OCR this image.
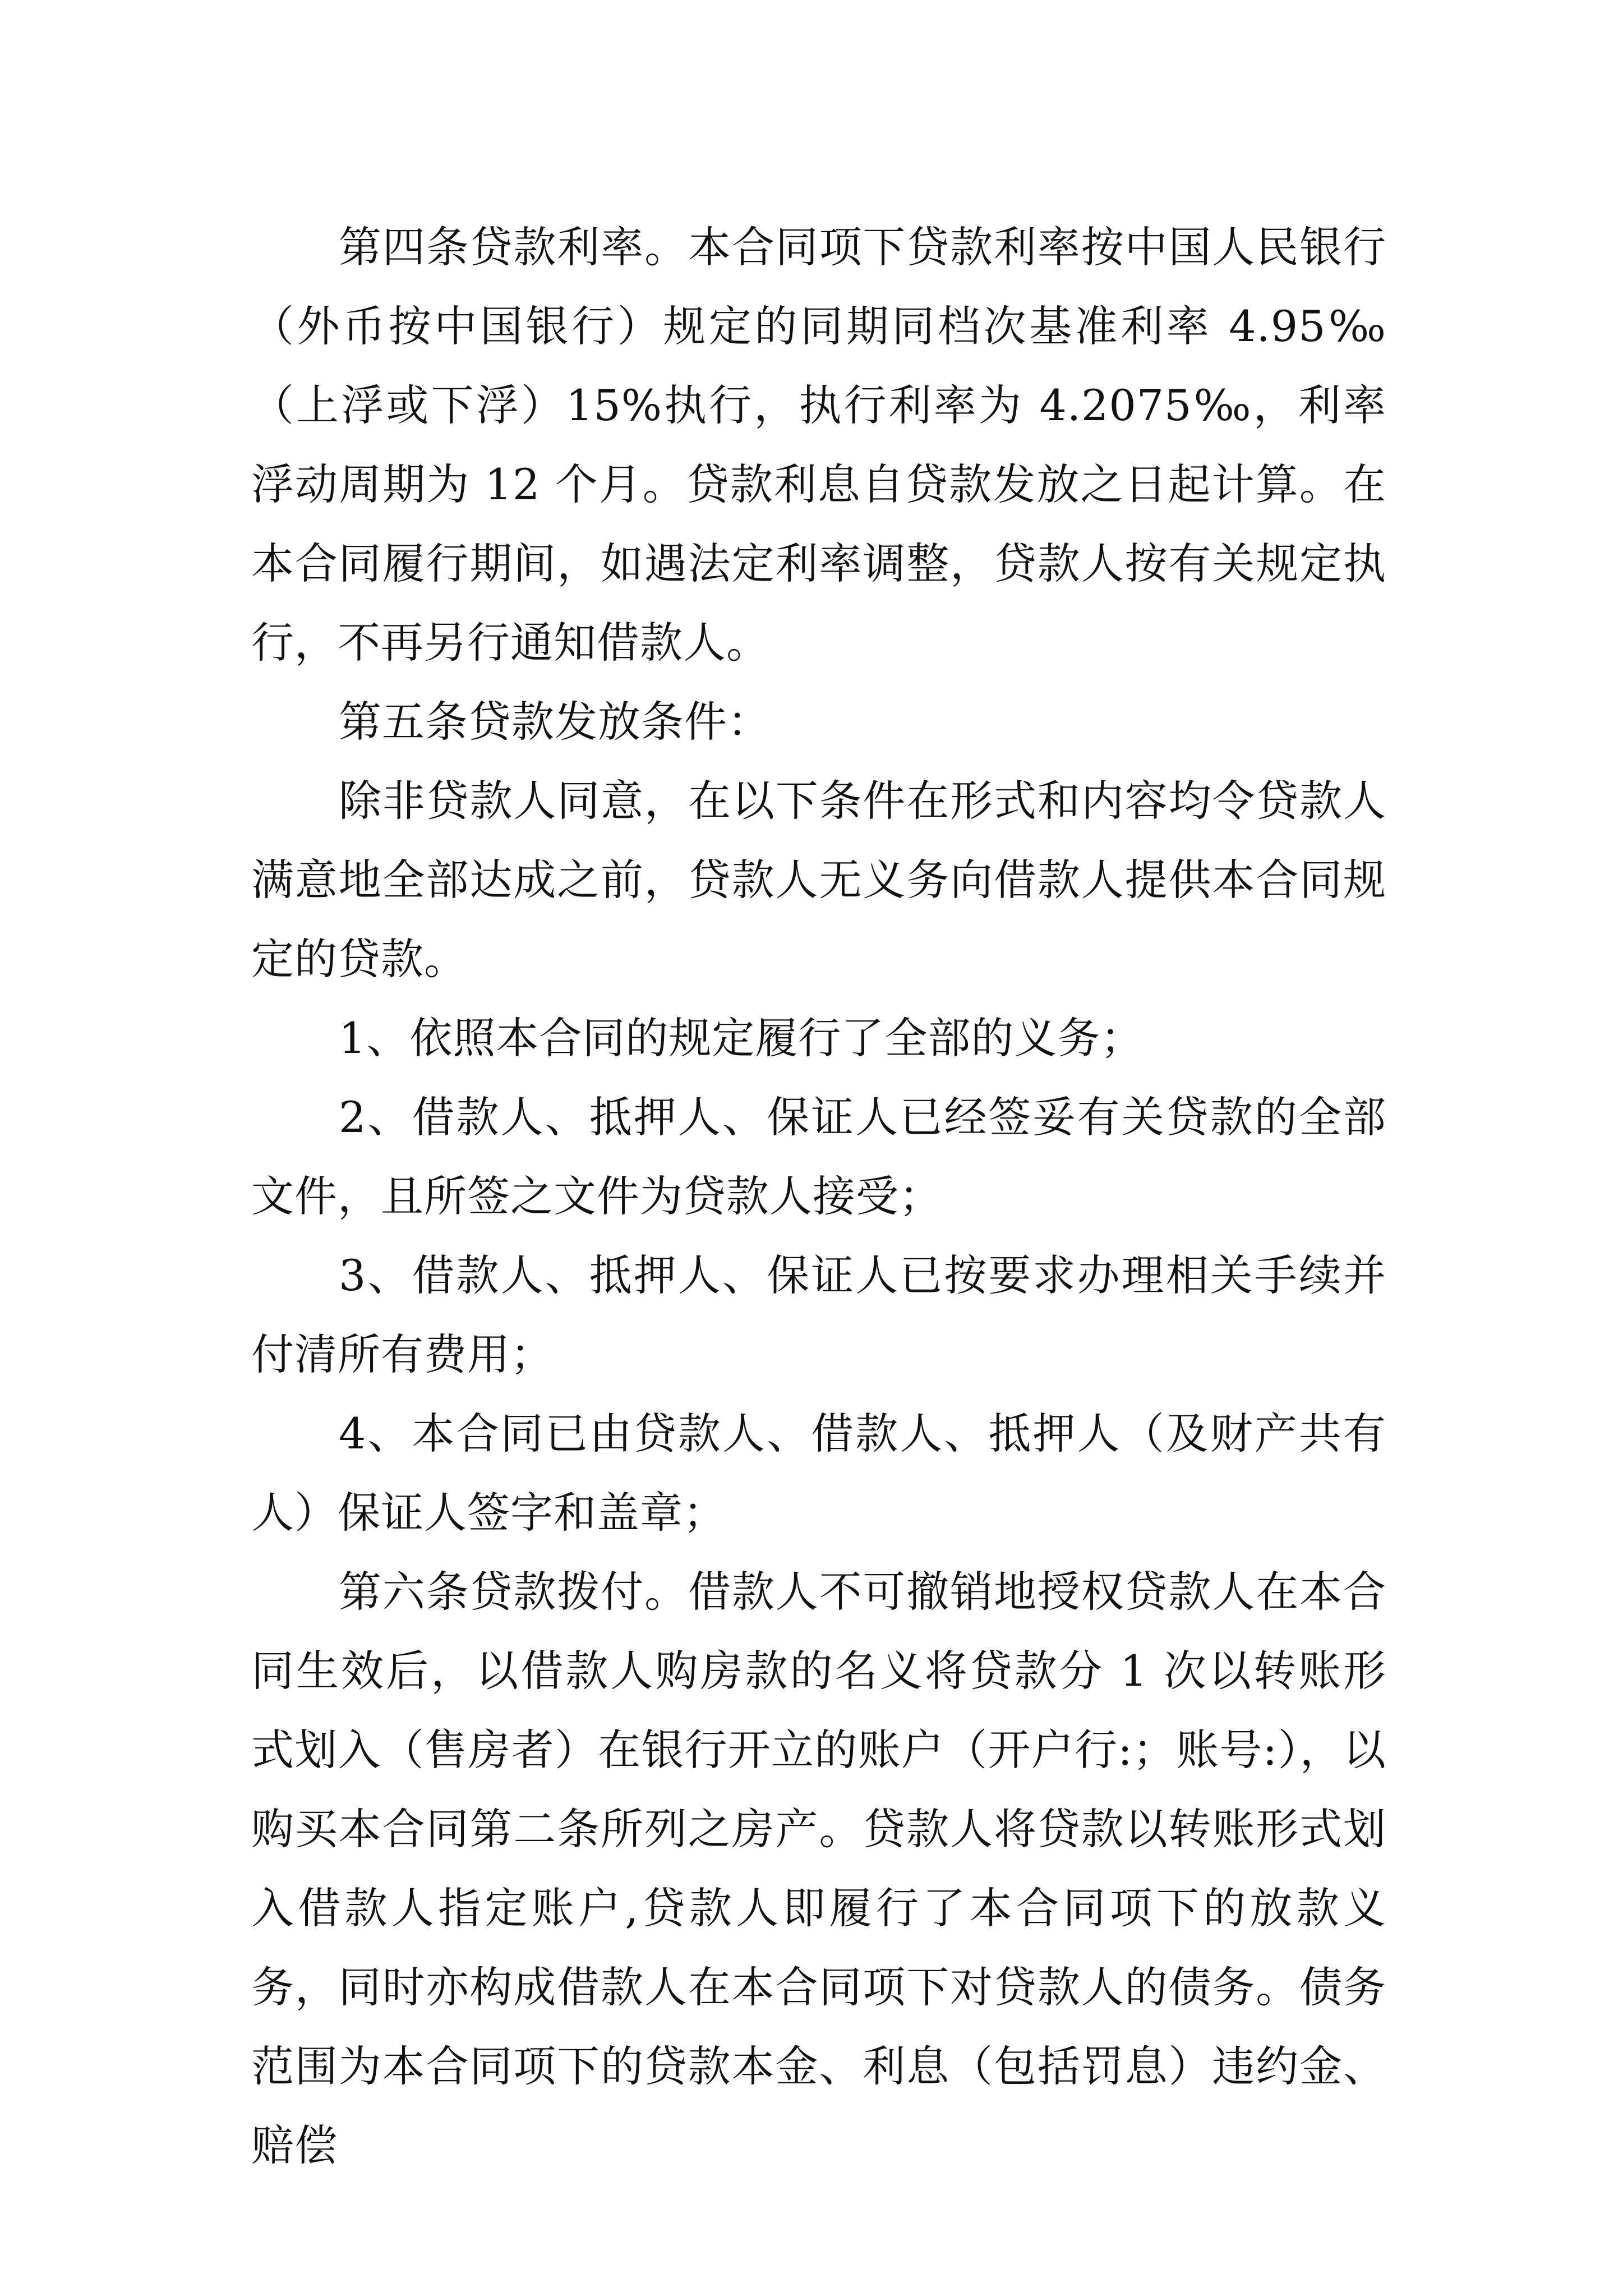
第四条贷款利率。本合同项下贷款利率按中国人民银行（外币按中国银行）规定的同期同档次基准利率 4.95‰（上浮或下浮）15%执行，执行利率为 4.2075‰，利率浮动周期为 12 个月。贷款利息自贷款发放之日起计算。在本合同履行期间，如遇法定利率调整，贷款人按有关规定执行，不再另行通知借款人。

第五条贷款发放条件：

除非贷款人同意，在以下条件在形式和内容均令贷款人满意地全部达成之前，贷款人无义务向借款人提供本合同规定的贷款。

1、依照本合同的规定履行了全部的义务；

2、借款人、抵押人、保证人已经签妥有关贷款的全部文件，且所签之文件为贷款人接受；

3、借款人、抵押人、保证人已按要求办理相关手续并付清所有费用；

4、本合同已由贷款人、借款人、抵押人（及财产共有人）保证人签字和盖章；

第六条贷款拨付。借款人不可撤销地授权贷款人在本合同生效后，以借款人购房款的名义将贷款分 1 次以转账形式划入（售房者）在银行开立的账户（开户行:；账号:），以购买本合同第二条所列之房产。贷款人将贷款以转账形式划入借款人指定账户,贷款人即履行了本合同项下的放款义务，同时亦构成借款人在本合同项下对贷款人的债务。债务范围为本合同项下的贷款本金、利息（包括罚息）违约金、赔偿
